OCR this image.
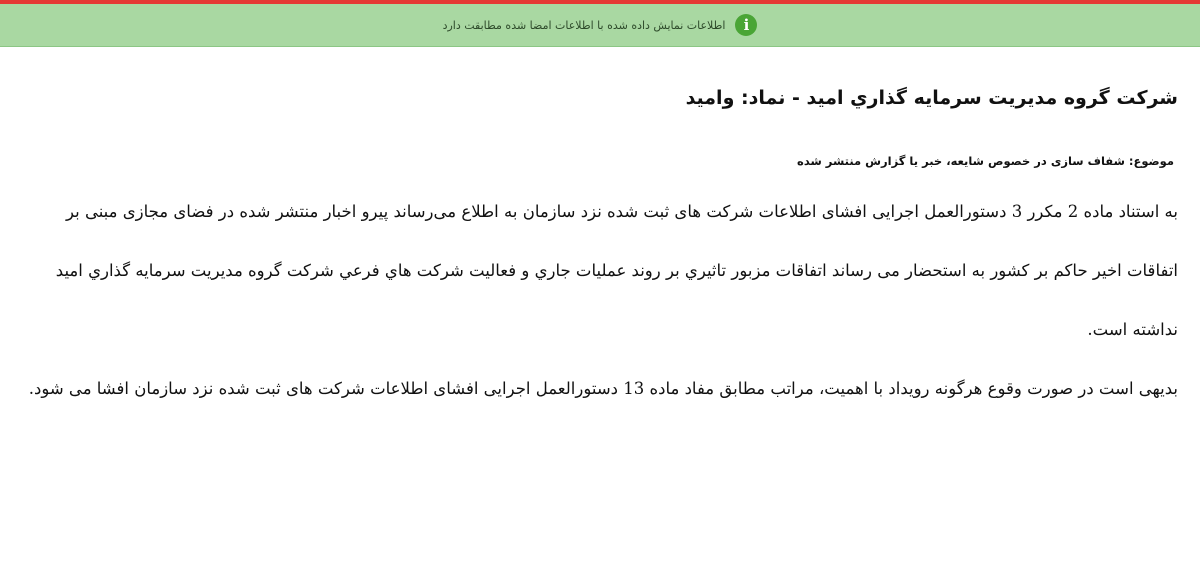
i
اطلاعات نمایش داده شده با اطلاعات امضا شده مطابقت دارد
شرکت گروه مدیریت سرمایه گذاري امید - نماد: وامید

موضوع: شفاف سازی در خصوص شایعه، خبر یا گزارش منتشر شده

به استناد ماده 2 مکرر 3 دستورالعمل اجرایی افشای اطلاعات شرکت های ثبت شده نزد سازمان به اطلاع می‌رساند پیرو اخبار منتشر شده در فضای مجازی مبنی بر اتفاقات اخیر حاکم بر کشور به استحضار می رساند اتفاقات مزبور تاثیري بر روند عملیات جاري و فعالیت شرکت هاي فرعي شرکت گروه مدیریت سرمایه گذاري امید نداشته است.

بدیهی است در صورت وقوع هرگونه رویداد با اهمیت، مراتب مطابق مفاد ماده 13 دستورالعمل اجرایی افشای اطلاعات شرکت های ثبت شده نزد سازمان افشا می شود.
